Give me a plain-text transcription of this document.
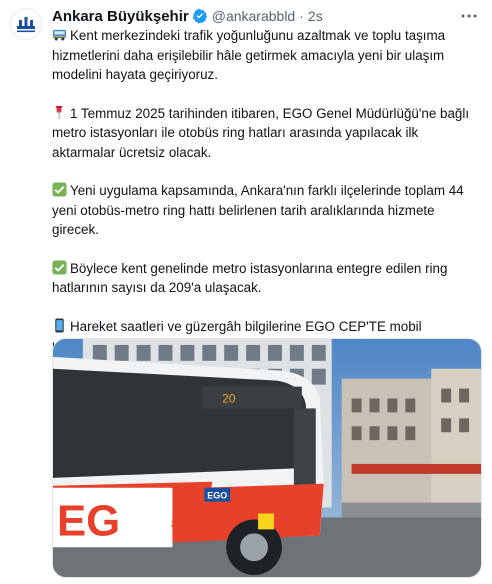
Ankara Büyükşehir @ankarabbld · 2s

Kent merkezindeki trafik yoğunluğunu azaltmak ve toplu taşıma hizmetlerini daha erişilebilir hâle getirmek amacıyla yeni bir ulaşım modelini hayata geçiriyoruz.

1 Temmuz 2025 tarihinden itibaren, EGO Genel Müdürlüğü'ne bağlı metro istasyonları ile otobüs ring hatları arasında yapılacak ilk aktarmalar ücretsiz olacak.

Yeni uygulama kapsamında, Ankara'nın farklı ilçelerinde toplam 44 yeni otobüs-metro ring hattı belirlenen tarih aralıklarında hizmete girecek.

Böylece kent genelinde metro istasyonlarına entegre edilen ring hatlarının sayısı da 209'a ulaşacak.

Hareket saatleri ve güzergâh bilgilerine EGO CEP'TE mobil

20
EG
EGO
